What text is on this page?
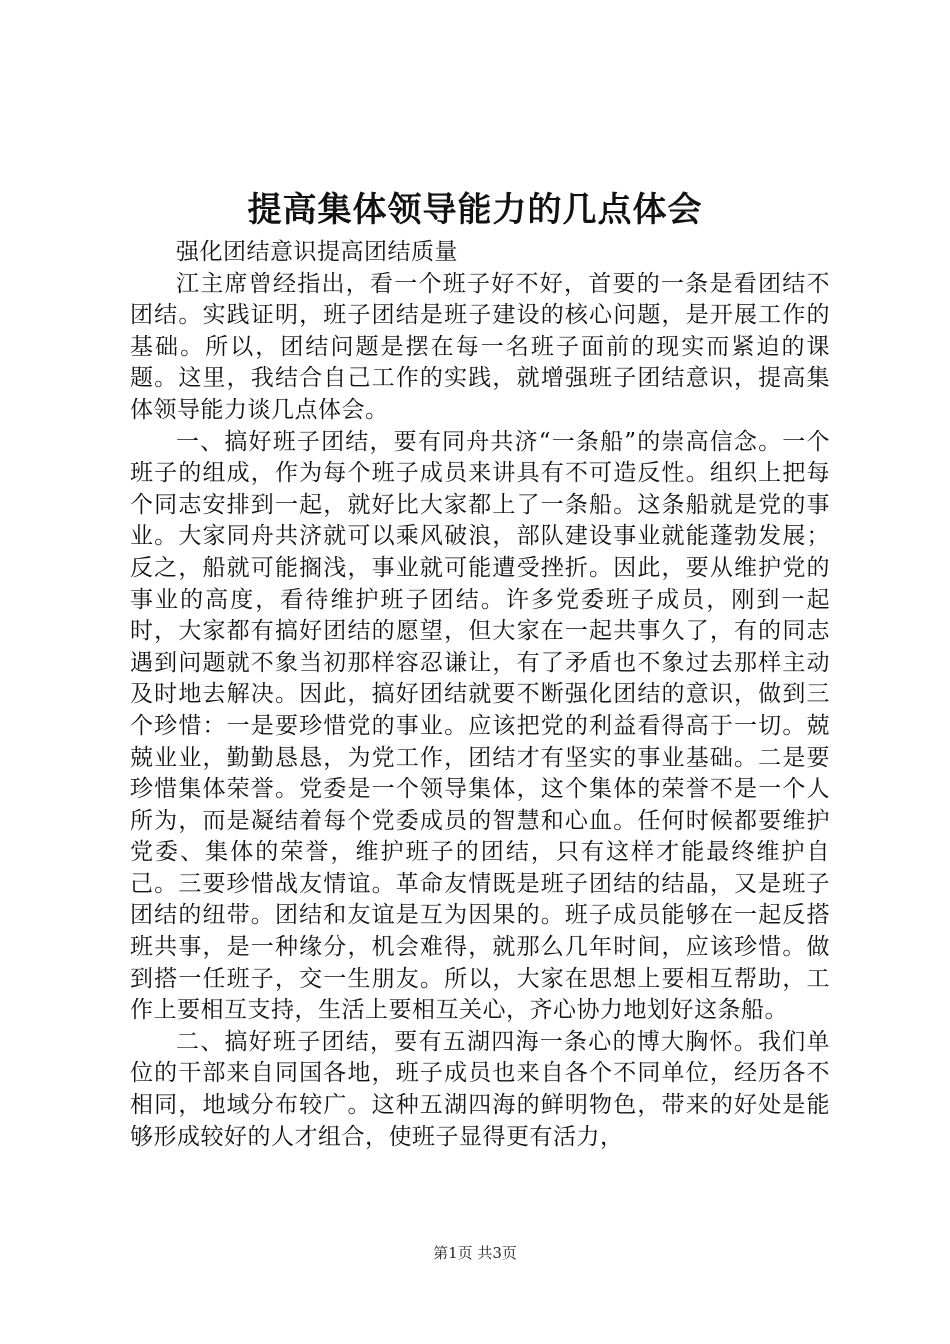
提高集体领导能力的几点体会

强化团结意识提高团结质量

江主席曾经指出，看一个班子好不好，首要的一条是看团结不团结。实践证明，班子团结是班子建设的核心问题，是开展工作的基础。所以，团结问题是摆在每一名班子面前的现实而紧迫的课题。这里，我结合自己工作的实践，就增强班子团结意识，提高集体领导能力谈几点体会。

一、搞好班子团结，要有同舟共济“一条船”的崇高信念。一个班子的组成，作为每个班子成员来讲具有不可造反性。组织上把每个同志安排到一起，就好比大家都上了一条船。这条船就是党的事业。大家同舟共济就可以乘风破浪，部队建设事业就能蓬勃发展；反之，船就可能搁浅，事业就可能遭受挫折。因此，要从维护党的事业的高度，看待维护班子团结。许多党委班子成员，刚到一起时，大家都有搞好团结的愿望，但大家在一起共事久了，有的同志遇到问题就不象当初那样容忍谦让，有了矛盾也不象过去那样主动及时地去解决。因此，搞好团结就要不断强化团结的意识，做到三个珍惜：一是要珍惜党的事业。应该把党的利益看得高于一切。兢兢业业，勤勤恳恳，为党工作，团结才有坚实的事业基础。二是要珍惜集体荣誉。党委是一个领导集体，这个集体的荣誉不是一个人所为，而是凝结着每个党委成员的智慧和心血。任何时候都要维护党委、集体的荣誉，维护班子的团结，只有这样才能最终维护自己。三要珍惜战友情谊。革命友情既是班子团结的结晶，又是班子团结的纽带。团结和友谊是互为因果的。班子成员能够在一起反搭班共事，是一种缘分，机会难得，就那么几年时间，应该珍惜。做到搭一任班子，交一生朋友。所以，大家在思想上要相互帮助，工作上要相互支持，生活上要相互关心，齐心协力地划好这条船。

二、搞好班子团结，要有五湖四海一条心的博大胸怀。我们单位的干部来自同国各地，班子成员也来自各个不同单位，经历各不相同，地域分布较广。这种五湖四海的鲜明物色，带来的好处是能够形成较好的人才组合，使班子显得更有活力，

第1页 共3页
